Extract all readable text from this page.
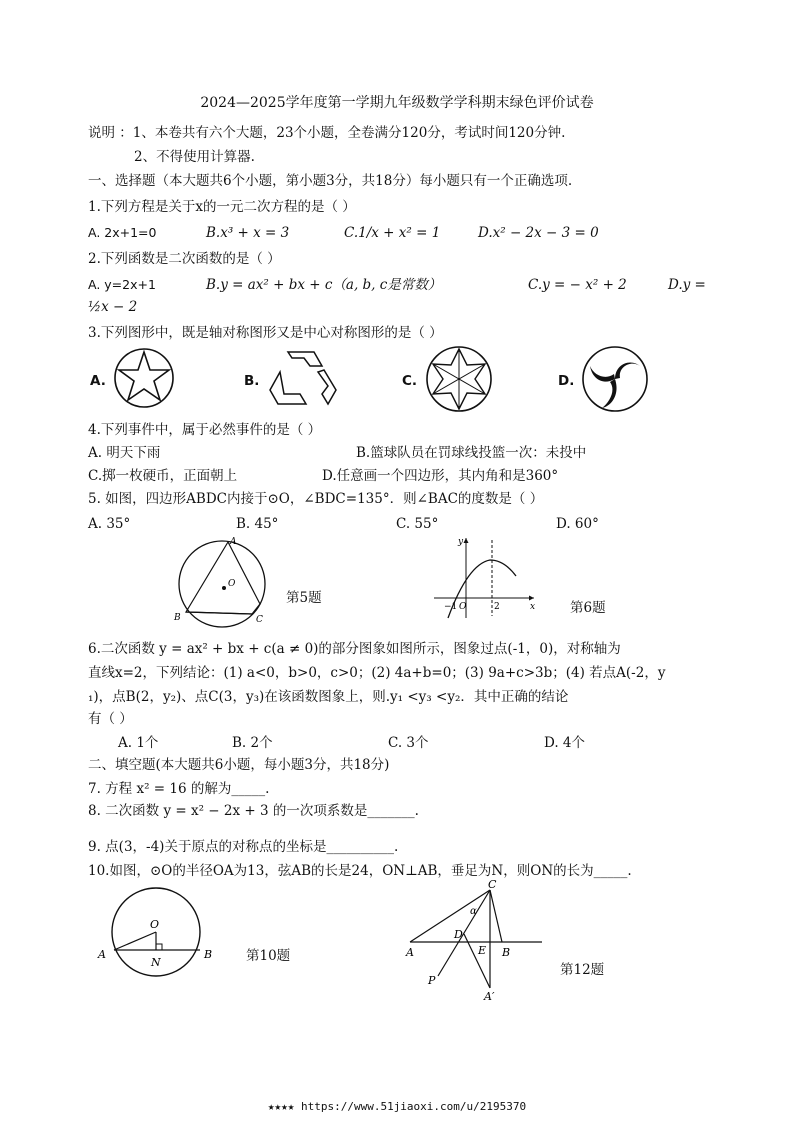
2024—2025学年度第一学期九年级数学学科期末绿色评价试卷
说明 ：1、本卷共有六个大题，23个小题，全卷满分120分，考试时间120分钟.
2、不得使用计算器.
一、选择题（本大题共6个小题，第小题3分，共18分）每小题只有一个正确选项.
1.下列方程是关于x的一元二次方程的是（ ）
A. 2x+1=0	B.x³ + x = 3	C.1/x + x² = 1	D.x² − 2x − 3 = 0
2.下列函数是二次函数的是（ ）
A. y=2x+1	B.y = ax² + bx + c（a, b, c是常数）	C.y = − x² + 2	D.y =
½x − 2
3.下列图形中，既是轴对称图形又是中心对称图形的是（ ）
A.	B.	C.	D.
4.下列事件中，属于必然事件的是（ ）
A. 明天下雨	B.篮球队员在罚球线投篮一次：未投中
C.掷一枚硬币，正面朝上	D.任意画一个四边形，其内角和是360°
5. 如图，四边形ABDC内接于⊙O，∠BDC=135°．则∠BAC的度数是（ ）
A. 35°	B. 45°	C. 55°	D. 60°
A
O
B	C
第5题
y
−1 O	2	x	第6题
6.二次函数 y = ax² + bx + c(a ≠ 0)的部分图象如图所示，图象过点(-1，0)，对称轴为
直线x=2，下列结论：(1) a<0，b>0，c>0；(2) 4a+b=0；(3) 9a+c>3b；(4) 若点A(-2，y
₁)，点B(2，y₂)、点C(3，y₃)在该函数图象上，则.y₁ <y₃ <y₂．其中正确的结论
有（ ）
A. 1个	B. 2个	C. 3个	D. 4个
二、填空题(本大题共6小题，每小题3分，共18分)
7. 方程 x² = 16 的解为_____.
8. 二次函数 y = x² − 2x + 3 的一次项系数是_______.
9. 点(3，-4)关于原点的对称点的坐标是__________.
10.如图，⊙O的半径OA为13，弦AB的长是24，ON⊥AB，垂足为N，则ON的长为_____.
O
A
N
B	第10题
C
α
D
A	E B
P
A′
第12题
★★★★ https://www.51jiaoxi.com/u/2195370
